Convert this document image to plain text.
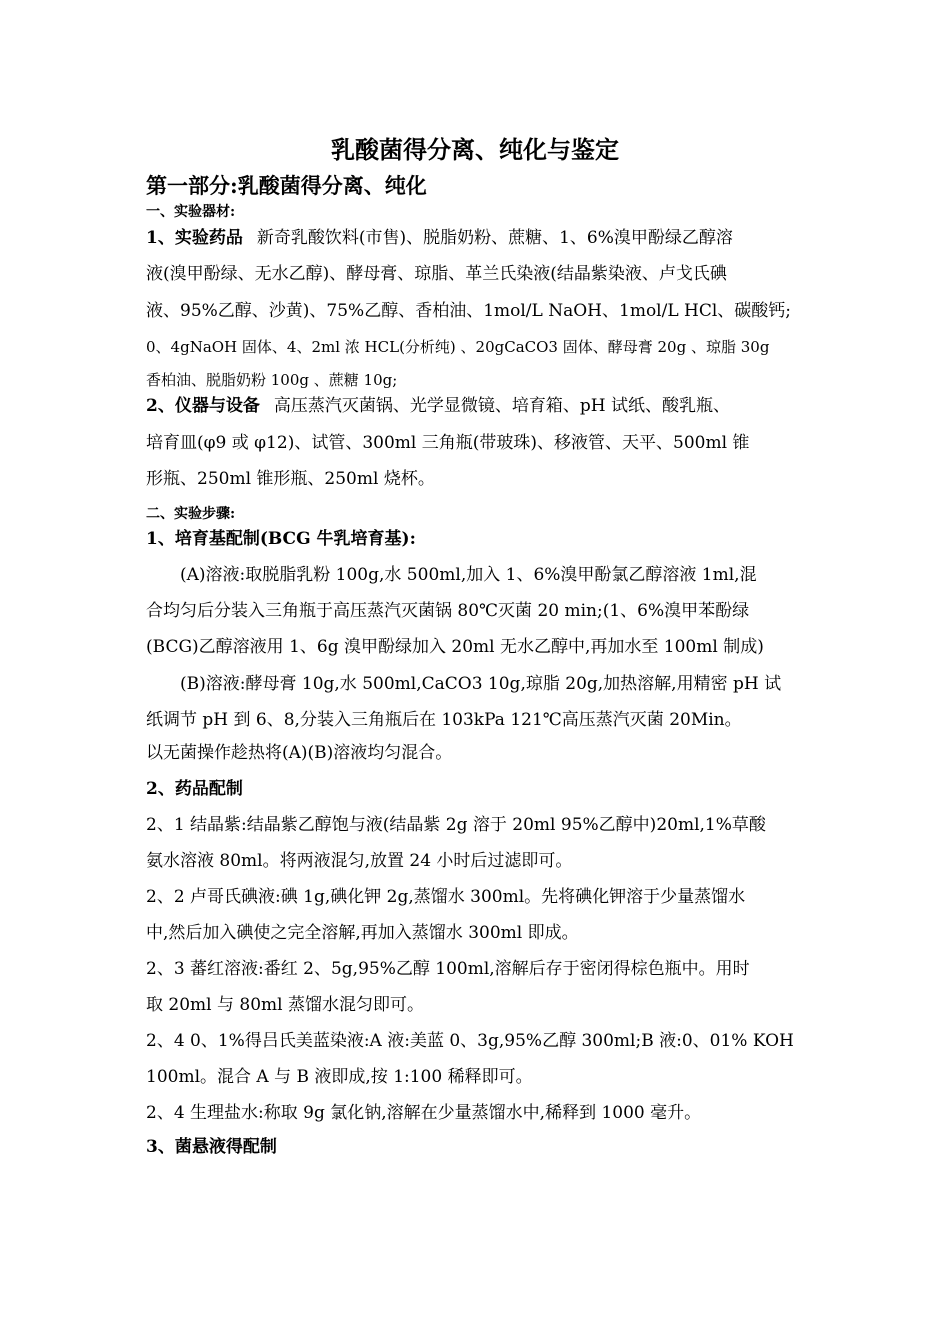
乳酸菌得分离、纯化与鉴定
第一部分:乳酸菌得分离、纯化
一、实验器材:
1、实验药品 新奇乳酸饮料(市售)、脱脂奶粉、蔗糖、1、6%溴甲酚绿乙醇溶
液(溴甲酚绿、无水乙醇)、酵母膏、琼脂、革兰氏染液(结晶紫染液、卢戈氏碘
液、95%乙醇、沙黄)、75%乙醇、香柏油、1mol/L NaOH、1mol/L HCl、碳酸钙;
0、4gNaOH 固体、4、2ml 浓 HCL(分析纯) 、20gCaCO3 固体、酵母膏 20g 、琼脂 30g
香柏油、脱脂奶粉 100g 、蔗糖 10g;
2、仪器与设备 高压蒸汽灭菌锅、光学显微镜、培育箱、pH 试纸、酸乳瓶、
培育皿(φ9 或 φ12)、试管、300ml 三角瓶(带玻珠)、移液管、天平、500ml 锥
形瓶、250ml 锥形瓶、250ml 烧杯。
二、实验步骤:
1、培育基配制(BCG 牛乳培育基):
(A)溶液:取脱脂乳粉 100g,水 500ml,加入 1、6%溴甲酚氯乙醇溶液 1ml,混
合均匀后分装入三角瓶于高压蒸汽灭菌锅 80℃灭菌 20 min;(1、6%溴甲苯酚绿
(BCG)乙醇溶液用 1、6g 溴甲酚绿加入 20ml 无水乙醇中,再加水至 100ml 制成)
(B)溶液:酵母膏 10g,水 500ml,CaCO3 10g,琼脂 20g,加热溶解,用精密 pH 试
纸调节 pH 到 6、8,分装入三角瓶后在 103kPa 121℃高压蒸汽灭菌 20Min。
以无菌操作趁热将(A)(B)溶液均匀混合。
2、药品配制
2、1 结晶紫:结晶紫乙醇饱与液(结晶紫 2g 溶于 20ml 95%乙醇中)20ml,1%草酸
氨水溶液 80ml。将两液混匀,放置 24 小时后过滤即可。
2、2 卢哥氏碘液:碘 1g,碘化钾 2g,蒸馏水 300ml。先将碘化钾溶于少量蒸馏水
中,然后加入碘使之完全溶解,再加入蒸馏水 300ml 即成。
2、3 蕃红溶液:番红 2、5g,95%乙醇 100ml,溶解后存于密闭得棕色瓶中。用时
取 20ml 与 80ml 蒸馏水混匀即可。
2、4 0、1%得吕氏美蓝染液:A 液:美蓝 0、3g,95%乙醇 300ml;B 液:0、01% KOH
100ml。混合 A 与 B 液即成,按 1:100 稀释即可。
2、4 生理盐水:称取 9g 氯化钠,溶解在少量蒸馏水中,稀释到 1000 毫升。
3、菌悬液得配制
